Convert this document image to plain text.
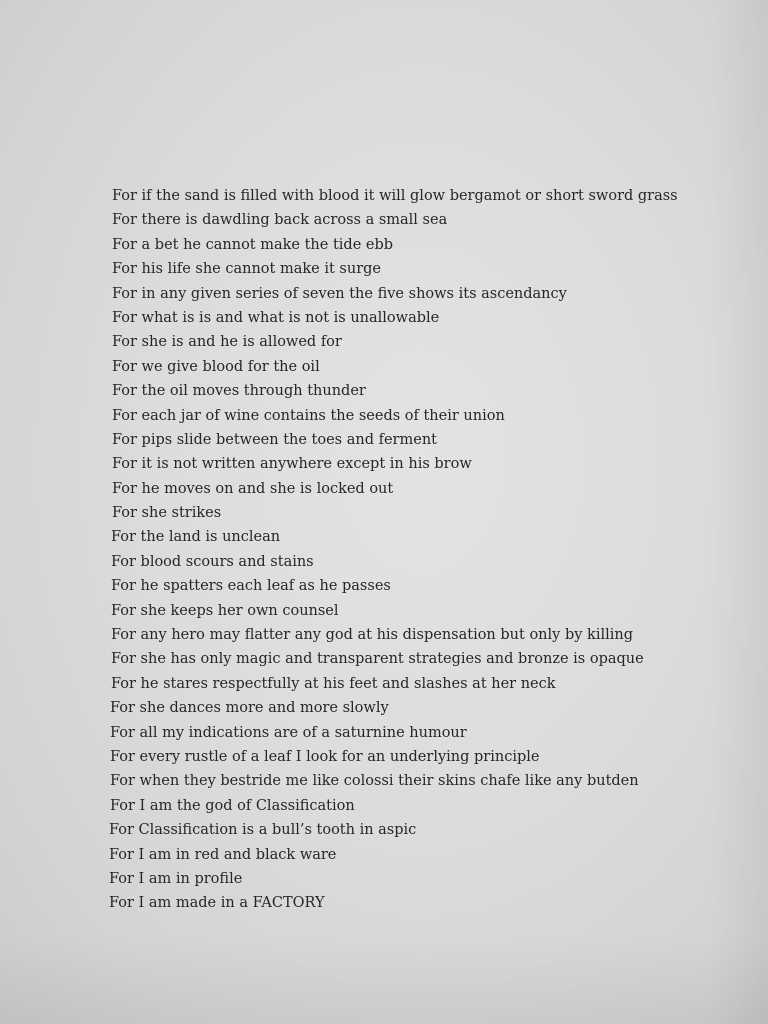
For if the sand is filled with blood it will glow bergamot or short sword grass
For there is dawdling back across a small sea
For a bet he cannot make the tide ebb
For his life she cannot make it surge
For in any given series of seven the five shows its ascendancy
For what is is and what is not is unallowable
For she is and he is allowed for
For we give blood for the oil
For the oil moves through thunder
For each jar of wine contains the seeds of their union
For pips slide between the toes and ferment
For it is not written anywhere except in his brow
For he moves on and she is locked out
For she strikes
For the land is unclean
For blood scours and stains
For he spatters each leaf as he passes
For she keeps her own counsel
For any hero may flatter any god at his dispensation but only by killing
For she has only magic and transparent strategies and bronze is opaque
For he stares respectfully at his feet and slashes at her neck
For she dances more and more slowly
For all my indications are of a saturnine humour
For every rustle of a leaf I look for an underlying principle
For when they bestride me like colossi their skins chafe like any butden
For I am the god of Classification
For Classification is a bull’s tooth in aspic
For I am in red and black ware
For I am in profile
For I am made in a FACTORY
